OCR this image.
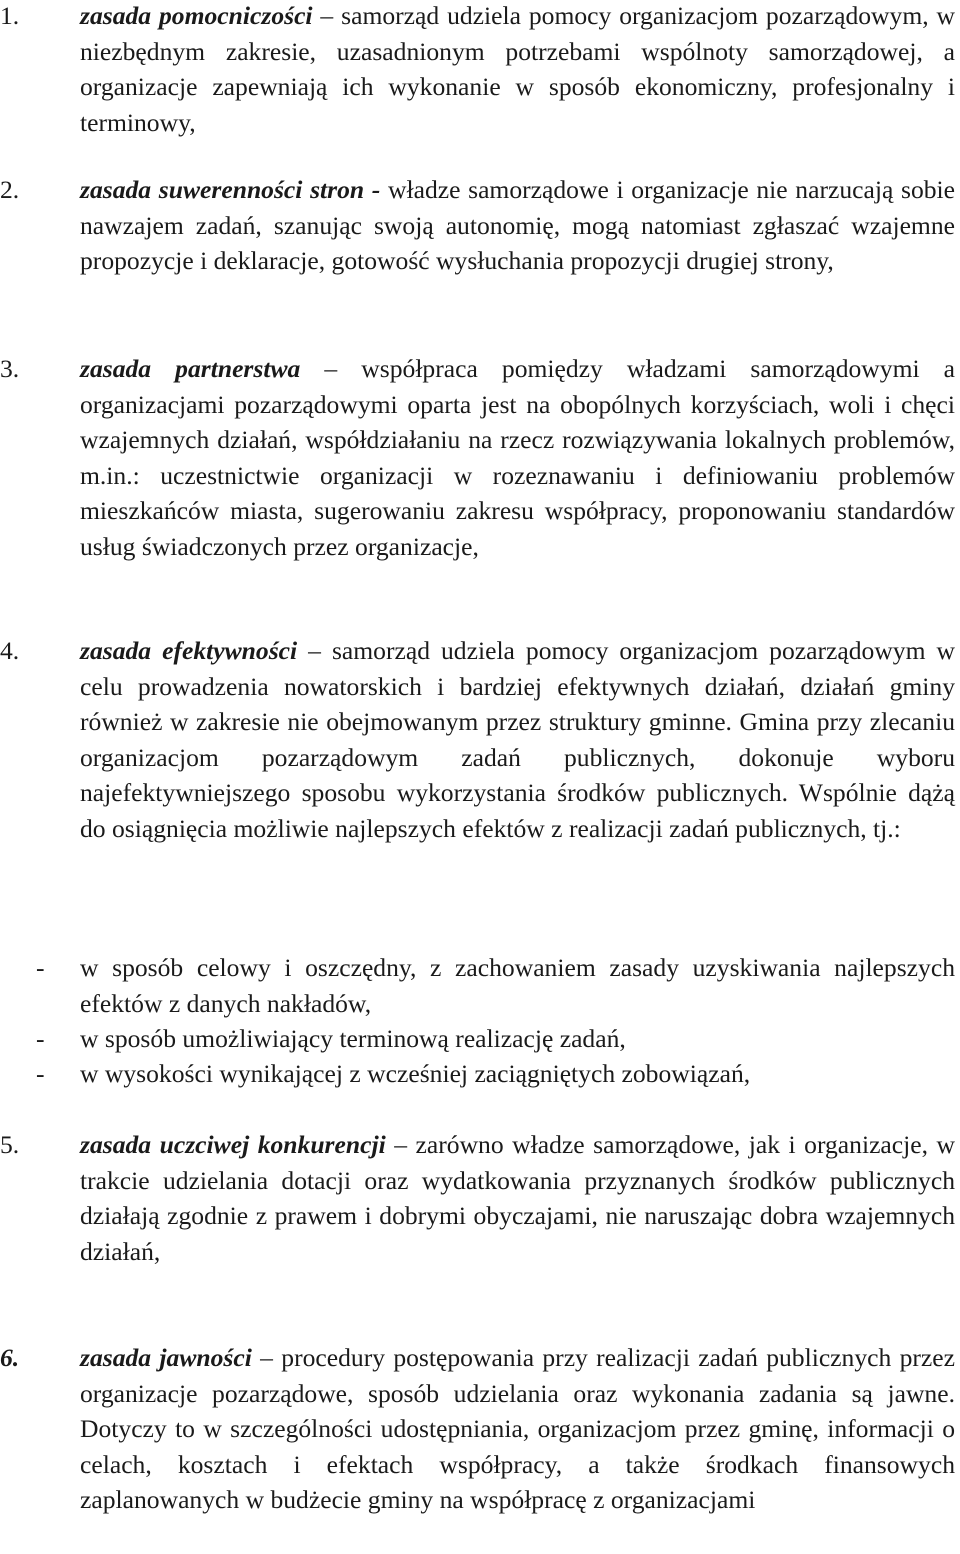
1. zasada pomocniczości – samorząd udziela pomocy organizacjom pozarządowym, w niezbędnym zakresie, uzasadnionym potrzebami wspólnoty samorządowej, a organizacje zapewniają ich wykonanie w sposób ekonomiczny, profesjonalny i terminowy,
2. zasada suwerenności stron - władze samorządowe i organizacje nie narzucają sobie nawzajem zadań, szanując swoją autonomię, mogą natomiast zgłaszać wzajemne propozycje i deklaracje, gotowość wysłuchania propozycji drugiej strony,
3. zasada partnerstwa – współpraca pomiędzy władzami samorządowymi a organizacjami pozarządowymi oparta jest na obopólnych korzyściach, woli i chęci wzajemnych działań, współdziałaniu na rzecz rozwiązywania lokalnych problemów, m.in.: uczestnictwie organizacji w rozeznawaniu i definiowaniu problemów mieszkańców miasta, sugerowaniu zakresu współpracy, proponowaniu standardów usług świadczonych przez organizacje,
4. zasada efektywności – samorząd udziela pomocy organizacjom pozarządowym w celu prowadzenia nowatorskich i bardziej efektywnych działań, działań gminy również w zakresie nie obejmowanym przez struktury gminne. Gmina przy zlecaniu organizacjom pozarządowym zadań publicznych, dokonuje wyboru najefektywniejszego sposobu wykorzystania środków publicznych. Wspólnie dążą do osiągnięcia możliwie najlepszych efektów z realizacji zadań publicznych, tj.:
- w sposób celowy i oszczędny, z zachowaniem zasady uzyskiwania najlepszych efektów z danych nakładów,
- w sposób umożliwiający terminową realizację zadań,
- w wysokości wynikającej z wcześniej zaciągniętych zobowiązań,
5. zasada uczciwej konkurencji – zarówno władze samorządowe, jak i organizacje, w trakcie udzielania dotacji oraz wydatkowania przyznanych środków publicznych działają zgodnie z prawem i dobrymi obyczajami, nie naruszając dobra wzajemnych działań,
6. zasada jawności – procedury postępowania przy realizacji zadań publicznych przez organizacje pozarządowe, sposób udzielania oraz wykonania zadania są jawne. Dotyczy to w szczególności udostępniania, organizacjom przez gminę, informacji o celach, kosztach i efektach współpracy, a także środkach finansowych zaplanowanych w budżecie gminy na współpracę z organizacjami
